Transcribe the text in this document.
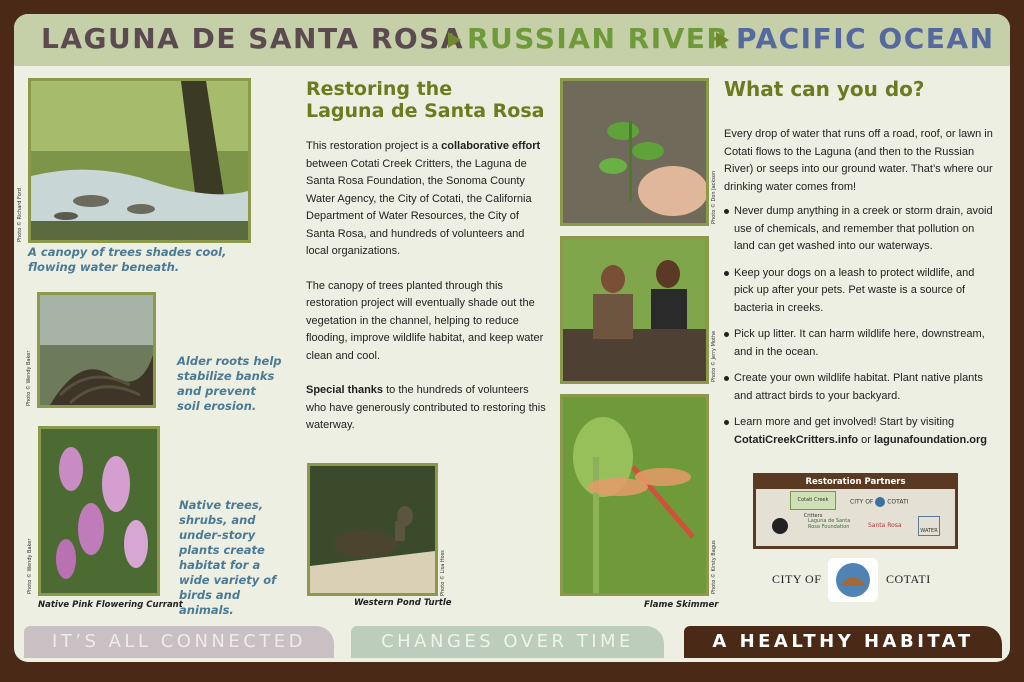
LAGUNA DE SANTA ROSA RUSSIAN RIVER PACIFIC OCEAN
Photo © Richard Ford
A canopy of trees shades cool, flowing water beneath.
Photo © Wendy Baker	Alder roots help stabilize banks and prevent soil erosion.
Photo © Wendy Baker
Native Pink Flowering Currant
Native trees, shrubs, and under-story plants create habitat for a wide variety of birds and animals.
Restoring the
Laguna de Santa Rosa
This restoration project is a collaborative effort between Cotati Creek Critters, the Laguna de Santa Rosa Foundation, the Sonoma County Water Agency, the City of Cotati, the California Department of Water Resources, the City of Santa Rosa, and hundreds of volunteers and local organizations.
The canopy of trees planted through this restoration project will eventually shade out the vegetation in the channel, helping to reduce flooding, improve wildlife habitat, and keep water clean and cool.
Special thanks to the hundreds of volunteers who have generously contributed to restoring this waterway.
Photo © Lisa Hoss
Western Pond Turtle
Photo © Don Jackson
Photo © Jerry Mothe
Photo © Kirsty Bagus
Flame Skimmer
What can you do?
Every drop of water that runs off a road, roof, or lawn in Cotati flows to the Laguna (and then to the Russian River) or seeps into our ground water. That’s where our drinking water comes from!
Never dump anything in a creek or storm drain, avoid use of chemicals, and remember that pollution on land can get washed into our waterways.
Keep your dogs on a leash to protect wildlife, and pick up after your pets. Pet waste is a source of bacteria in creeks.
Pick up litter. It can harm wildlife here, downstream, and in the ocean.
Create your own wildlife habitat. Plant native plants and attract birds to your backyard.
Learn more and get involved! Start by visiting CotatiCreekCritters.info or lagunafoundation.org
Restoration Partners
Cotati Creek Critters
CITY OF COTATI
Laguna de Santa Rosa Foundation	Santa Rosa
WATER
CITY OF	COTATI
IT’S ALL CONNECTED	CHANGES OVER TIME	A HEALTHY HABITAT
